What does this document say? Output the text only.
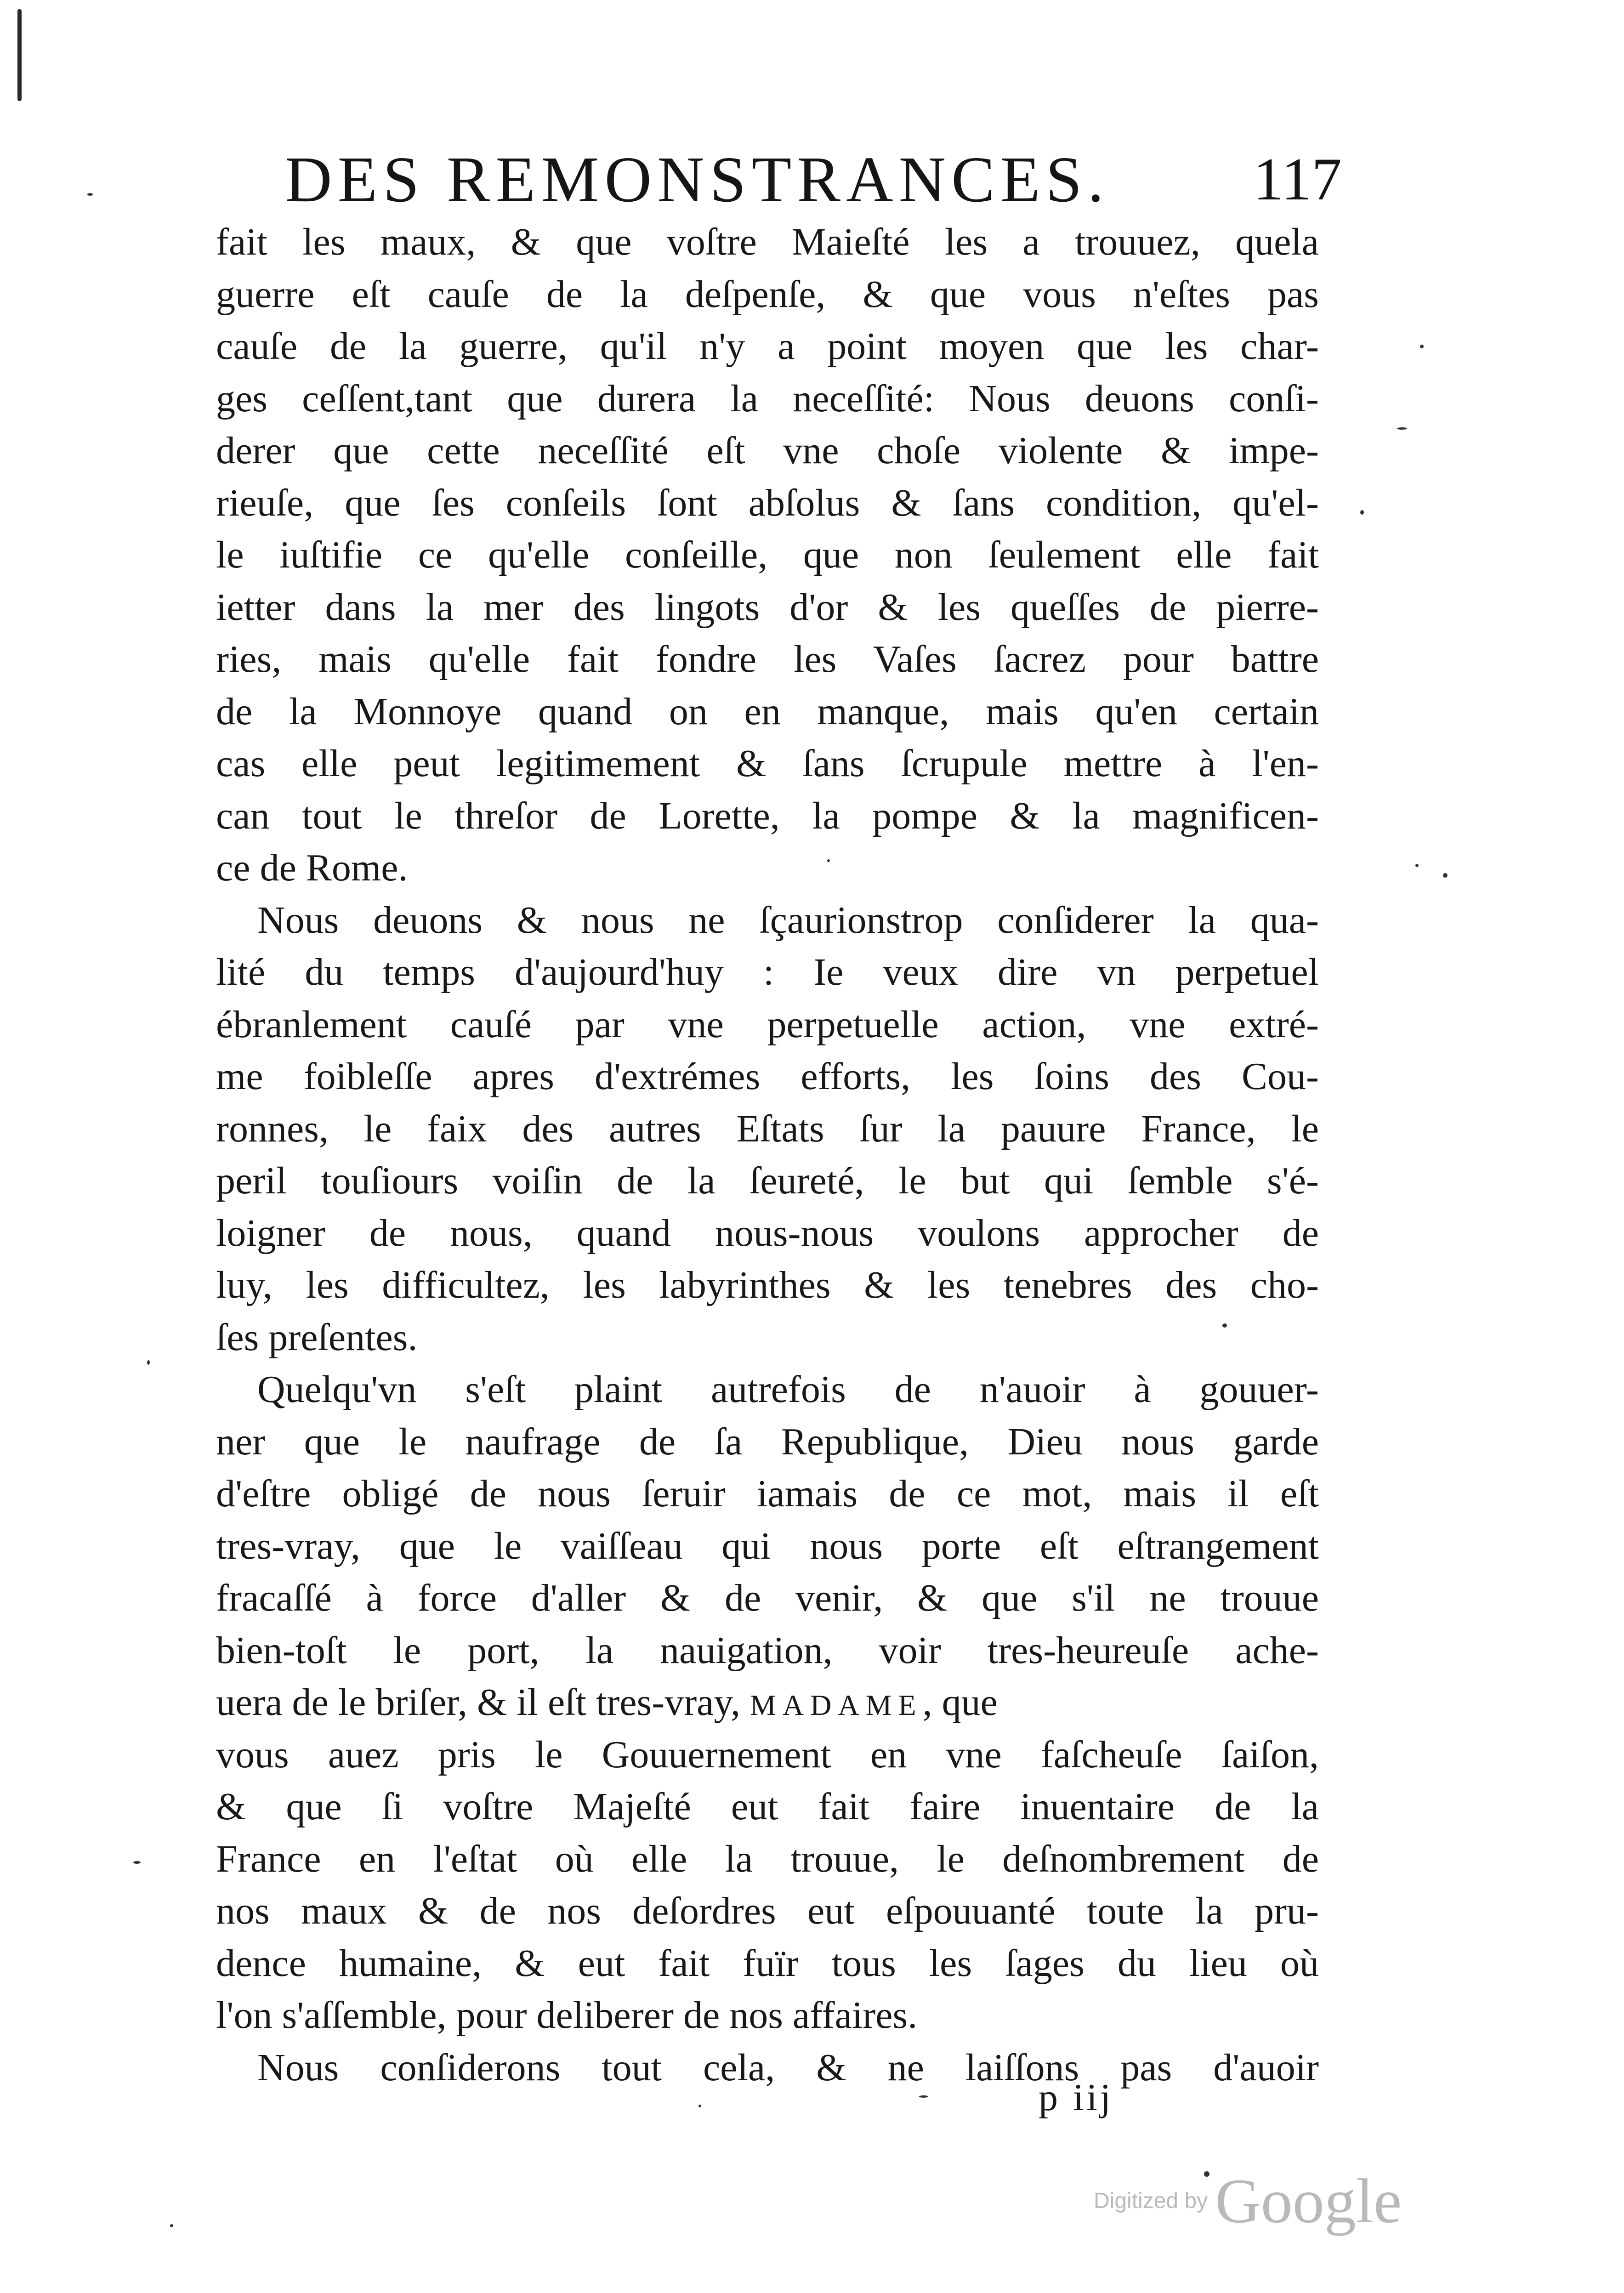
DES REMONSTRANCES. 117
fait les maux, & que voſtre Maieſté les a trouuez, quela
guerre eſt cauſe de la deſpenſe, & que vous n'eſtes pas
cauſe de la guerre, qu'il n'y a point moyen que les char-
ges ceſſent,tant que durera la neceſſité: Nous deuons conſi-
derer que cette neceſſité eſt vne choſe violente & impe-
rieuſe, que ſes conſeils ſont abſolus & ſans condition, qu'el-
le iuſtifie ce qu'elle conſeille, que non ſeulement elle fait
ietter dans la mer des lingots d'or & les queſſes de pierre-
ries, mais qu'elle fait fondre les Vaſes ſacrez pour battre
de la Monnoye quand on en manque, mais qu'en certain
cas elle peut legitimement & ſans ſcrupule mettre à l'en-
can tout le threſor de Lorette, la pompe & la magnificen-
ce de Rome.
Nous deuons & nous ne ſçaurionstrop conſiderer la qua-
lité du temps d'aujourd'huy : Ie veux dire vn perpetuel
ébranlement cauſé par vne perpetuelle action, vne extré-
me foibleſſe apres d'extrémes efforts, les ſoins des Cou-
ronnes, le faix des autres Eſtats ſur la pauure France, le
peril touſiours voiſin de la ſeureté, le but qui ſemble s'é-
loigner de nous, quand nous-nous voulons approcher de
luy, les difficultez, les labyrinthes & les tenebres des cho-
ſes preſentes.
Quelqu'vn s'eſt plaint autrefois de n'auoir à gouuer-
ner que le naufrage de ſa Republique, Dieu nous garde
d'eſtre obligé de nous ſeruir iamais de ce mot, mais il eſt
tres-vray, que le vaiſſeau qui nous porte eſt eſtrangement
fracaſſé à force d'aller & de venir, & que s'il ne trouue
bien-toſt le port, la nauigation, voir tres-heureuſe ache-
uera de le briſer, & il eſt tres-vray, MADAME, que
vous auez pris le Gouuernement en vne faſcheuſe ſaiſon,
& que ſi voſtre Majeſté eut fait faire inuentaire de la
France en l'eſtat où elle la trouue, le deſnombrement de
nos maux & de nos deſordres eut eſpouuanté toute la pru-
dence humaine, & eut fait fuïr tous les ſages du lieu où
l'on s'aſſemble, pour deliberer de nos affaires.
Nous conſiderons tout cela, & ne laiſſons pas d'auoir
p iij
Digitized by Google
